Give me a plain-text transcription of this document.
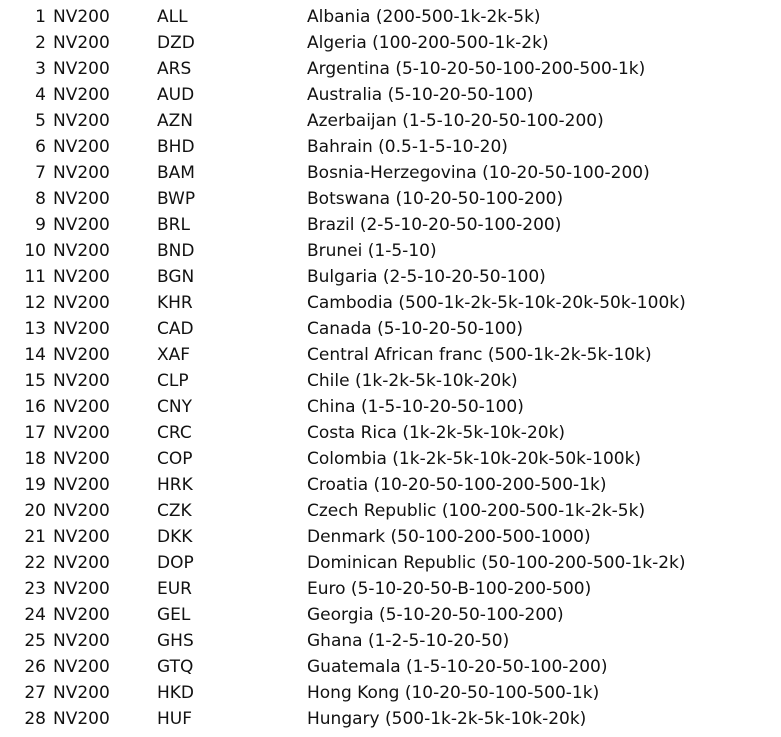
1 NV200	ALL	Albania (200-500-1k-2k-5k)
2 NV200	DZD	Algeria (100-200-500-1k-2k)
3 NV200	ARS	Argentina (5-10-20-50-100-200-500-1k)
4 NV200	AUD	Australia (5-10-20-50-100)
5 NV200	AZN	Azerbaijan (1-5-10-20-50-100-200)
6 NV200	BHD	Bahrain (0.5-1-5-10-20)
7 NV200	BAM	Bosnia-Herzegovina (10-20-50-100-200)
8 NV200	BWP	Botswana (10-20-50-100-200)
9 NV200	BRL	Brazil (2-5-10-20-50-100-200)
10 NV200	BND	Brunei (1-5-10)
11 NV200	BGN	Bulgaria (2-5-10-20-50-100)
12 NV200	KHR	Cambodia (500-1k-2k-5k-10k-20k-50k-100k)
13 NV200	CAD	Canada (5-10-20-50-100)
14 NV200	XAF	Central African franc (500-1k-2k-5k-10k)
15 NV200	CLP	Chile (1k-2k-5k-10k-20k)
16 NV200	CNY	China (1-5-10-20-50-100)
17 NV200	CRC	Costa Rica (1k-2k-5k-10k-20k)
18 NV200	COP	Colombia (1k-2k-5k-10k-20k-50k-100k)
19 NV200	HRK	Croatia (10-20-50-100-200-500-1k)
20 NV200	CZK	Czech Republic (100-200-500-1k-2k-5k)
21 NV200	DKK	Denmark (50-100-200-500-1000)
22 NV200	DOP	Dominican Republic (50-100-200-500-1k-2k)
23 NV200	EUR	Euro (5-10-20-50-B-100-200-500)
24 NV200	GEL	Georgia (5-10-20-50-100-200)
25 NV200	GHS	Ghana (1-2-5-10-20-50)
26 NV200	GTQ	Guatemala (1-5-10-20-50-100-200)
27 NV200	HKD	Hong Kong (10-20-50-100-500-1k)
28 NV200	HUF	Hungary (500-1k-2k-5k-10k-20k)
